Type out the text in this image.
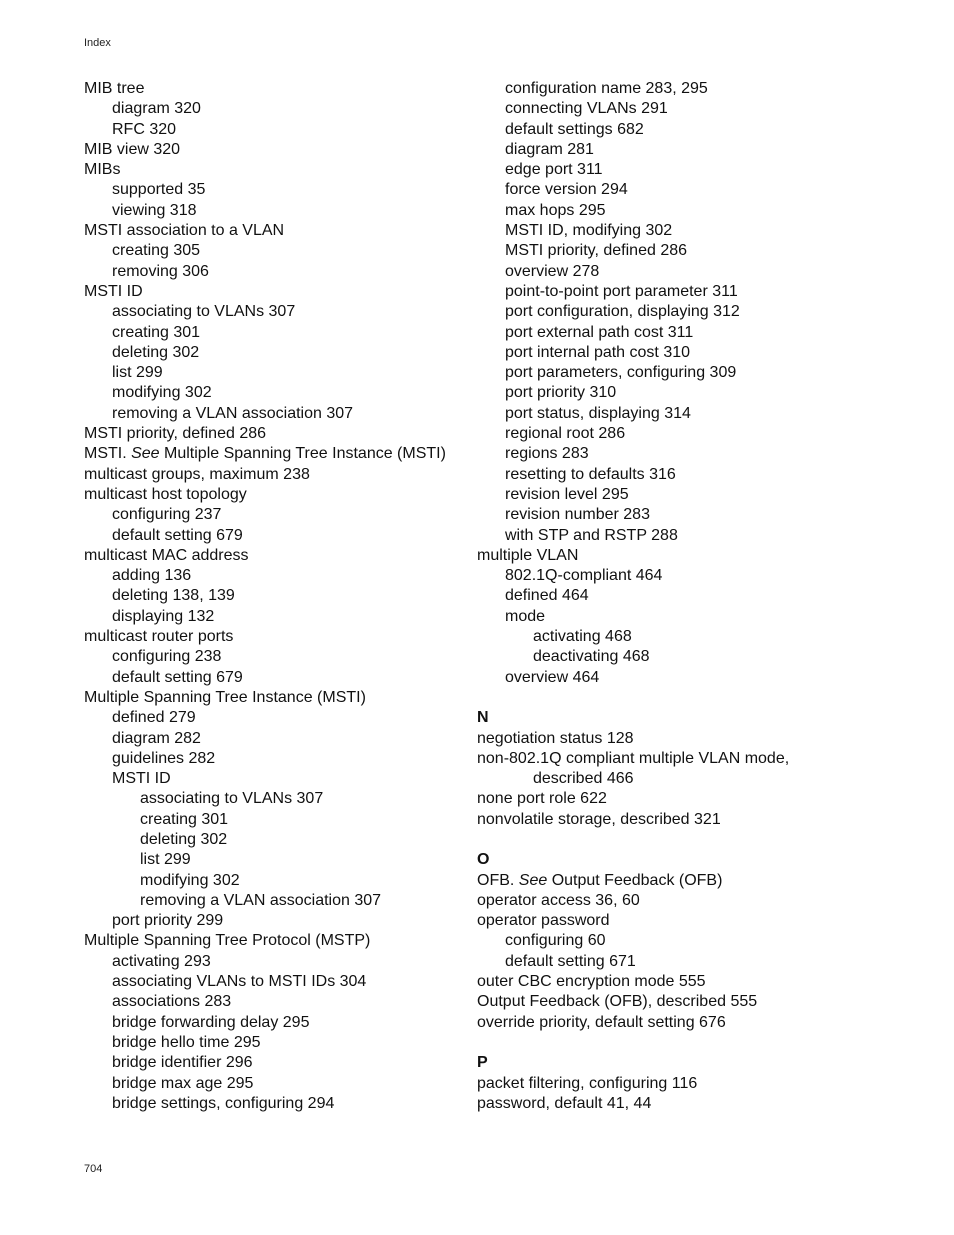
Index
MIB tree
diagram 320
RFC 320
MIB view 320
MIBs
supported 35
viewing 318
MSTI association to a VLAN
creating 305
removing 306
MSTI ID
associating to VLANs 307
creating 301
deleting 302
list 299
modifying 302
removing a VLAN association 307
MSTI priority, defined 286
MSTI. See Multiple Spanning Tree Instance (MSTI)
multicast groups, maximum 238
multicast host topology
configuring 237
default setting 679
multicast MAC address
adding 136
deleting 138, 139
displaying 132
multicast router ports
configuring 238
default setting 679
Multiple Spanning Tree Instance (MSTI)
defined 279
diagram 282
guidelines 282
MSTI ID
associating to VLANs 307
creating 301
deleting 302
list 299
modifying 302
removing a VLAN association 307
port priority 299
Multiple Spanning Tree Protocol (MSTP)
activating 293
associating VLANs to MSTI IDs 304
associations 283
bridge forwarding delay 295
bridge hello time 295
bridge identifier 296
bridge max age 295
bridge settings, configuring 294
configuration name 283, 295
connecting VLANs 291
default settings 682
diagram 281
edge port 311
force version 294
max hops 295
MSTI ID, modifying 302
MSTI priority, defined 286
overview 278
point-to-point port parameter 311
port configuration, displaying 312
port external path cost 311
port internal path cost 310
port parameters, configuring 309
port priority 310
port status, displaying 314
regional root 286
regions 283
resetting to defaults 316
revision level 295
revision number 283
with STP and RSTP 288
multiple VLAN
802.1Q-compliant 464
defined 464
mode
activating 468
deactivating 468
overview 464
N
negotiation status 128
non-802.1Q compliant multiple VLAN mode,
described 466
none port role 622
nonvolatile storage, described 321
O
OFB. See Output Feedback (OFB)
operator access 36, 60
operator password
configuring 60
default setting 671
outer CBC encryption mode 555
Output Feedback (OFB), described 555
override priority, default setting 676
P
packet filtering, configuring 116
password, default 41, 44
704
